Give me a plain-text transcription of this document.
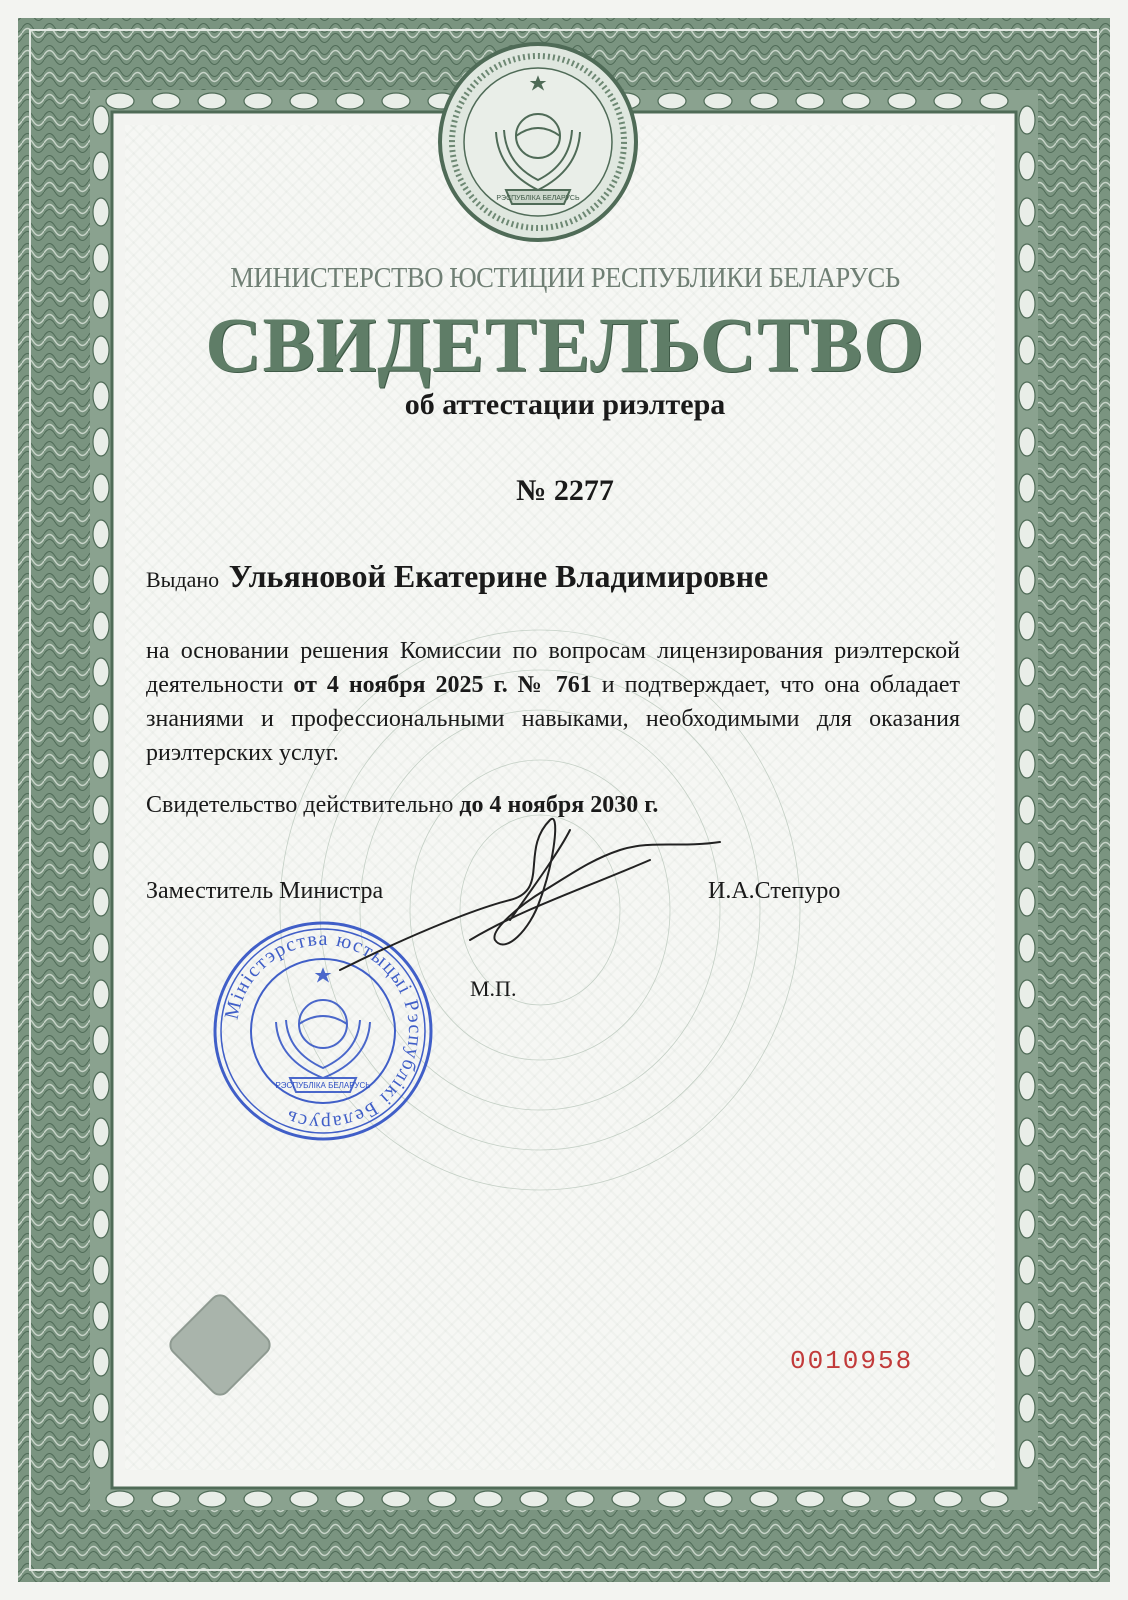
РЭСПУБЛІКА БЕЛАРУСЬ
МИНИСТЕРСТВО ЮСТИЦИИ РЕСПУБЛИКИ БЕЛАРУСЬ
СВИДЕТЕЛЬСТВО
об аттестации риэлтера
№ 2277
Выдано Ульяновой Екатерине Владимировне
на основании решения Комиссии по вопросам лицензирования риэлтерской деятельности от 4 ноября 2025 г. № 761 и подтверждает, что она обладает знаниями и профессиональными навыками, необходимыми для оказания риэлтерских услуг.
Свидетельство действительно до 4 ноября 2030 г.
Заместитель Министра	И.А.Степуро
М.П.
Міністэрства юстыцыі Рэспублікі Беларусь
РЭСПУБЛІКА БЕЛАРУСЬ
0010958
